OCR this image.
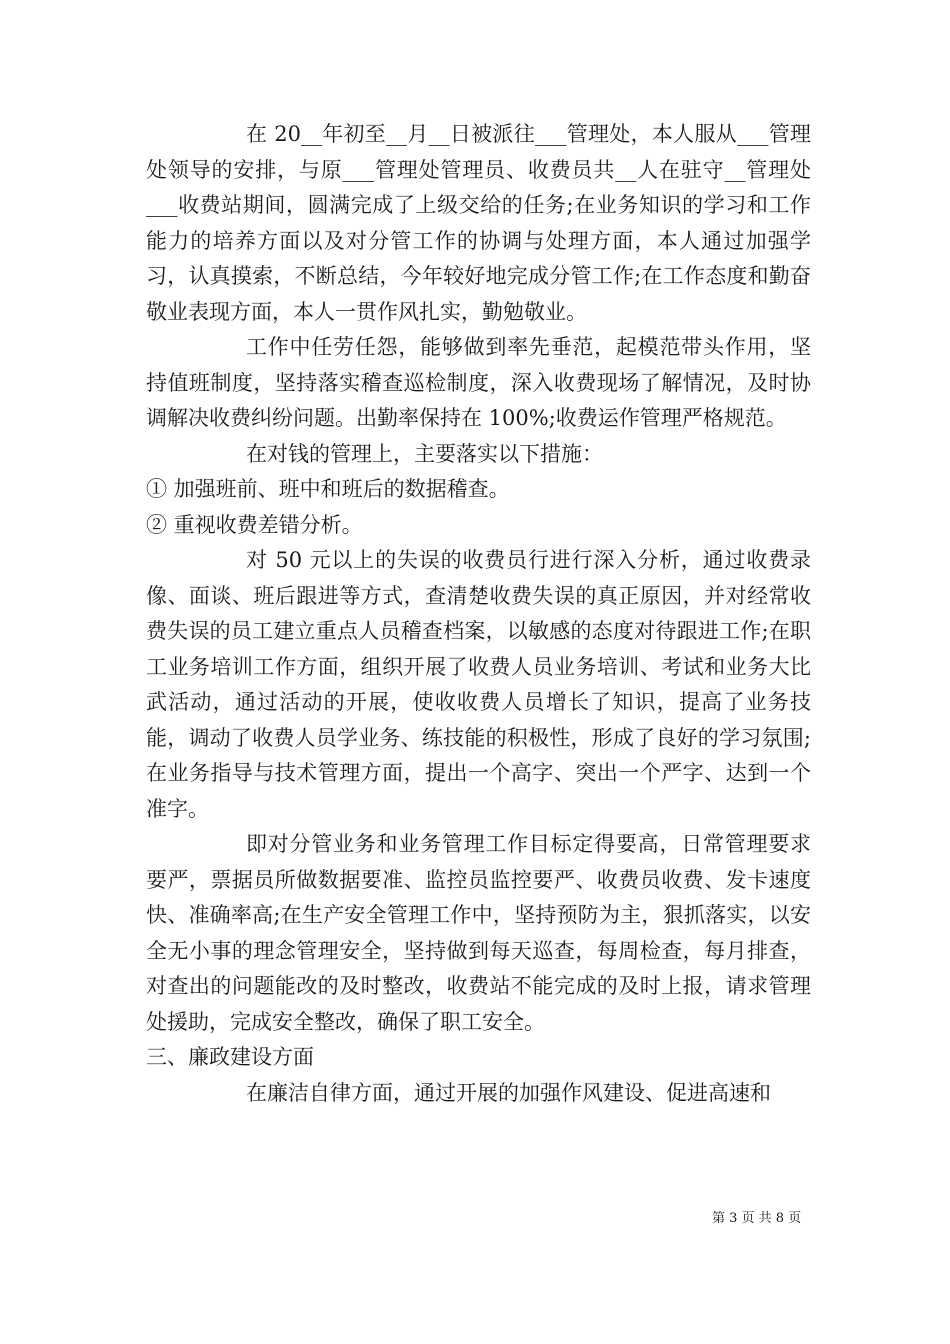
在 20__年初至__月__日被派往___管理处，本人服从___管理处领导的安排，与原___管理处管理员、收费员共__人在驻守__管理处___收费站期间，圆满完成了上级交给的任务;在业务知识的学习和工作能力的培养方面以及对分管工作的协调与处理方面，本人通过加强学习，认真摸索，不断总结，今年较好地完成分管工作;在工作态度和勤奋敬业表现方面，本人一贯作风扎实，勤勉敬业。

工作中任劳任怨，能够做到率先垂范，起模范带头作用，坚持值班制度，坚持落实稽查巡检制度，深入收费现场了解情况，及时协调解决收费纠纷问题。出勤率保持在 100%;收费运作管理严格规范。

在对钱的管理上，主要落实以下措施：

① 加强班前、班中和班后的数据稽查。

② 重视收费差错分析。

对 50 元以上的失误的收费员行进行深入分析，通过收费录像、面谈、班后跟进等方式，查清楚收费失误的真正原因，并对经常收费失误的员工建立重点人员稽查档案，以敏感的态度对待跟进工作;在职工业务培训工作方面，组织开展了收费人员业务培训、考试和业务大比武活动，通过活动的开展，使收收费人员增长了知识，提高了业务技能，调动了收费人员学业务、练技能的积极性，形成了良好的学习氛围;在业务指导与技术管理方面，提出一个高字、突出一个严字、达到一个准字。

即对分管业务和业务管理工作目标定得要高，日常管理要求要严，票据员所做数据要准、监控员监控要严、收费员收费、发卡速度快、准确率高;在生产安全管理工作中，坚持预防为主，狠抓落实，以安全无小事的理念管理安全，坚持做到每天巡查，每周检查，每月排查，对查出的问题能改的及时整改，收费站不能完成的及时上报，请求管理处援助，完成安全整改，确保了职工安全。

三、廉政建设方面

在廉洁自律方面，通过开展的加强作风建设、促进高速和

第 3 页 共 8 页
